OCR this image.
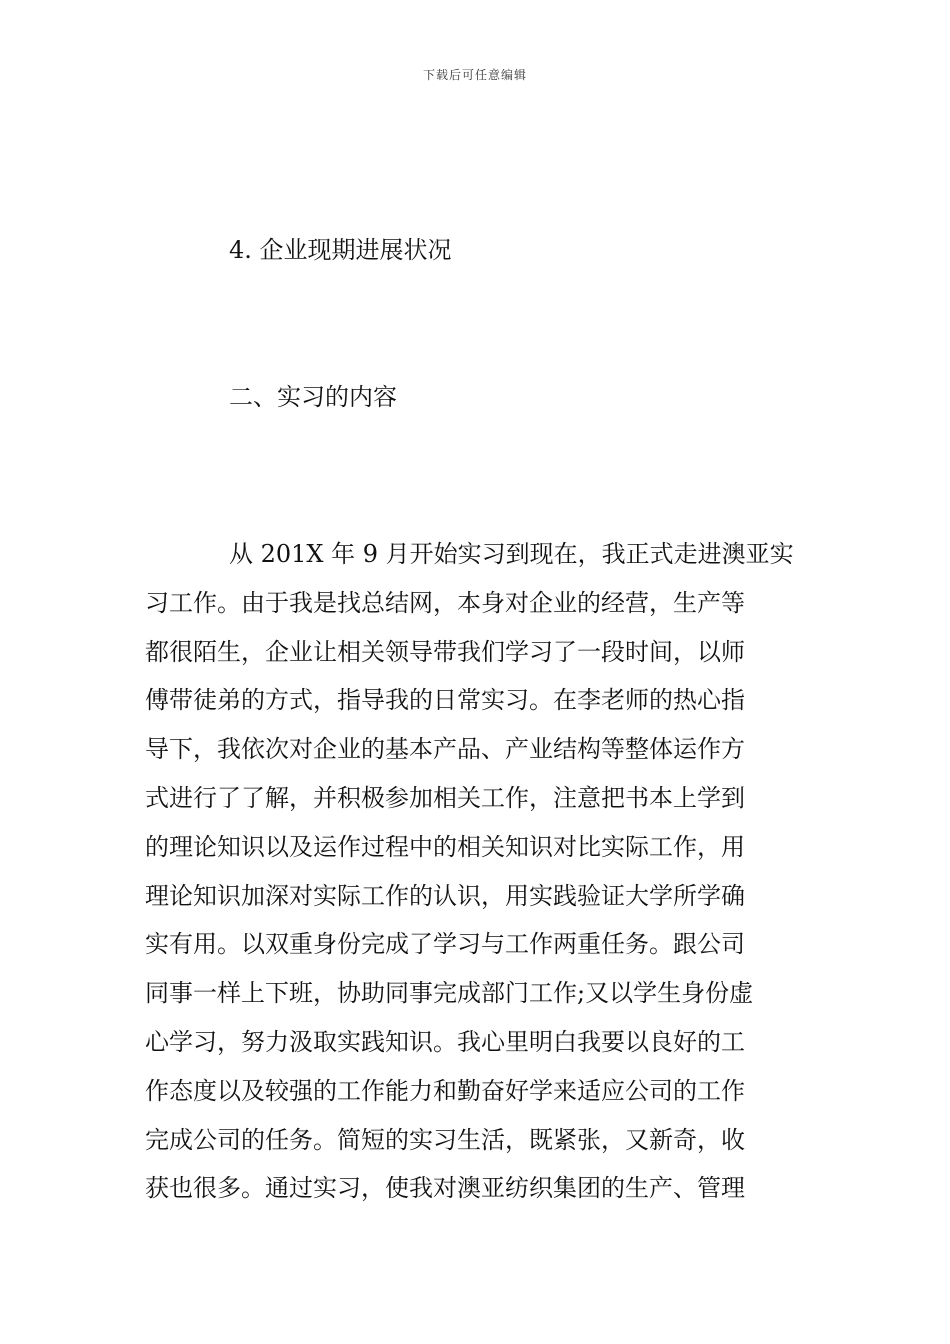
下载后可任意编辑
4. 企业现期进展状况
二、实习的内容
从 201X 年 9 月开始实习到现在，我正式走进澳亚实
习工作。由于我是找总结网，本身对企业的经营，生产等
都很陌生，企业让相关领导带我们学习了一段时间，以师
傅带徒弟的方式，指导我的日常实习。在李老师的热心指
导下，我依次对企业的基本产品、产业结构等整体运作方
式进行了了解，并积极参加相关工作，注意把书本上学到
的理论知识以及运作过程中的相关知识对比实际工作，用
理论知识加深对实际工作的认识，用实践验证大学所学确
实有用。以双重身份完成了学习与工作两重任务。跟公司
同事一样上下班，协助同事完成部门工作;又以学生身份虚
心学习，努力汲取实践知识。我心里明白我要以良好的工
作态度以及较强的工作能力和勤奋好学来适应公司的工作
完成公司的任务。简短的实习生活，既紧张，又新奇，收
获也很多。通过实习，使我对澳亚纺织集团的生产、管理
